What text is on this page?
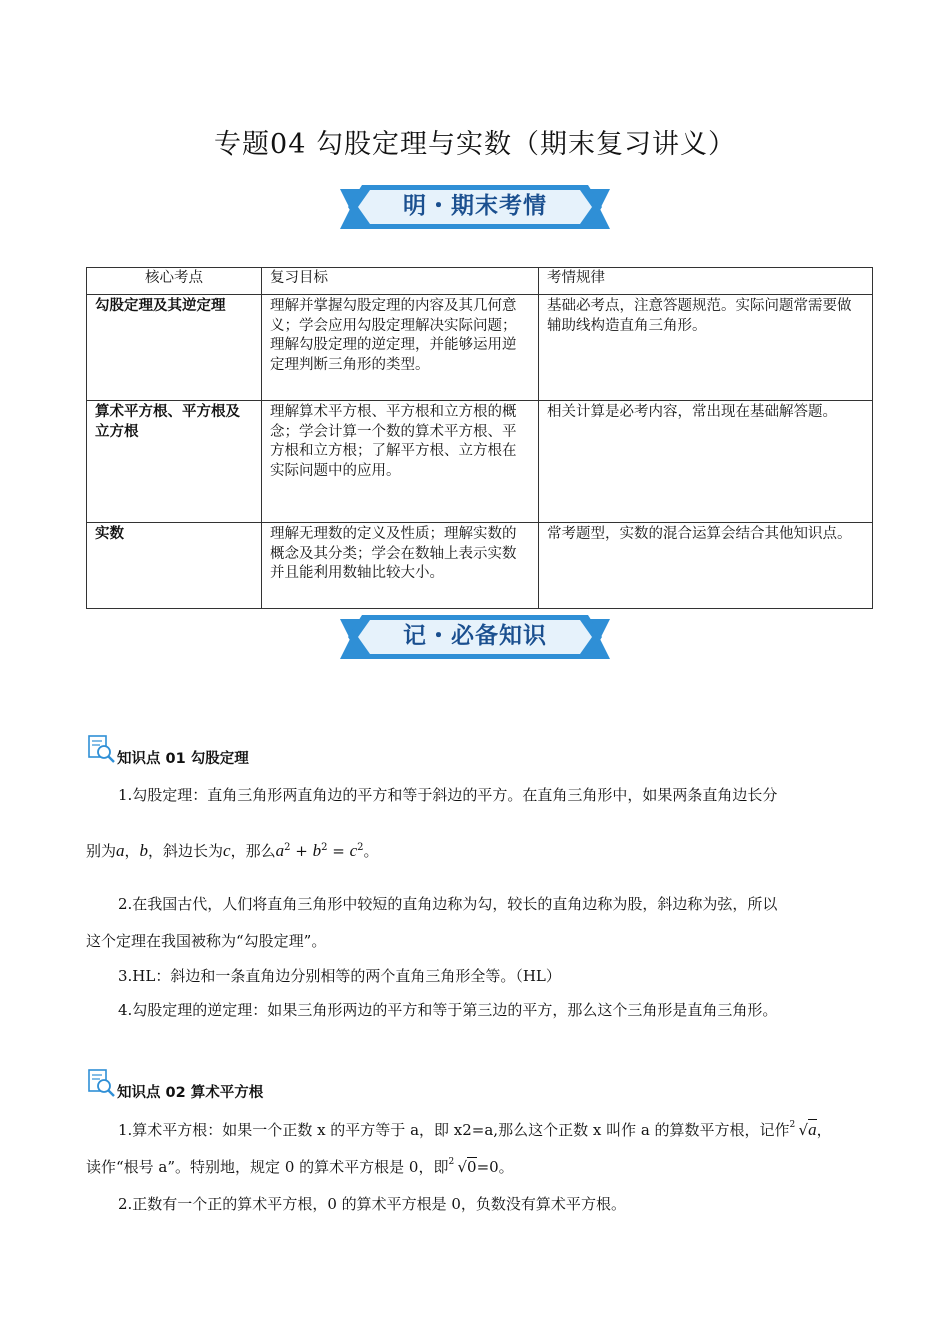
专题04 勾股定理与实数（期末复习讲义）
明・期末考情
核心考点	复习目标	考情规律
勾股定理及其逆定理	理解并掌握勾股定理的内容及其几何意义；学会应用勾股定理解决实际问题；理解勾股定理的逆定理，并能够运用逆定理判断三角形的类型。	基础必考点，注意答题规范。实际问题常需要做辅助线构造直角三角形。
算术平方根、平方根及立方根	理解算术平方根、平方根和立方根的概念；学会计算一个数的算术平方根、平方根和立方根；了解平方根、立方根在实际问题中的应用。	相关计算是必考内容，常出现在基础解答题。
实数	理解无理数的定义及性质；理解实数的概念及其分类；学会在数轴上表示实数并且能利用数轴比较大小。	常考题型，实数的混合运算会结合其他知识点。
记・必备知识
知识点 01 勾股定理
1.勾股定理：直角三角形两直角边的平方和等于斜边的平方。在直角三角形中，如果两条直角边长分
别为a，b，斜边长为c，那么$a^2 + b^2 = c^2$。
2.在我国古代，人们将直角三角形中较短的直角边称为勾，较长的直角边称为股，斜边称为弦，所以
这个定理在我国被称为“勾股定理”。
3.HL：斜边和一条直角边分别相等的两个直角三角形全等。（HL）
4.勾股定理的逆定理：如果三角形两边的平方和等于第三边的平方，那么这个三角形是直角三角形。
知识点 02 算术平方根
1.算术平方根：如果一个正数 x 的平方等于 a，即 x2=a,那么这个正数 x 叫作 a 的算数平方根，记作 2 √a，
读作“根号 a”。特别地，规定 0 的算术平方根是 0，即 2 √0=0。
2.正数有一个正的算术平方根，0 的算术平方根是 0，负数没有算术平方根。
